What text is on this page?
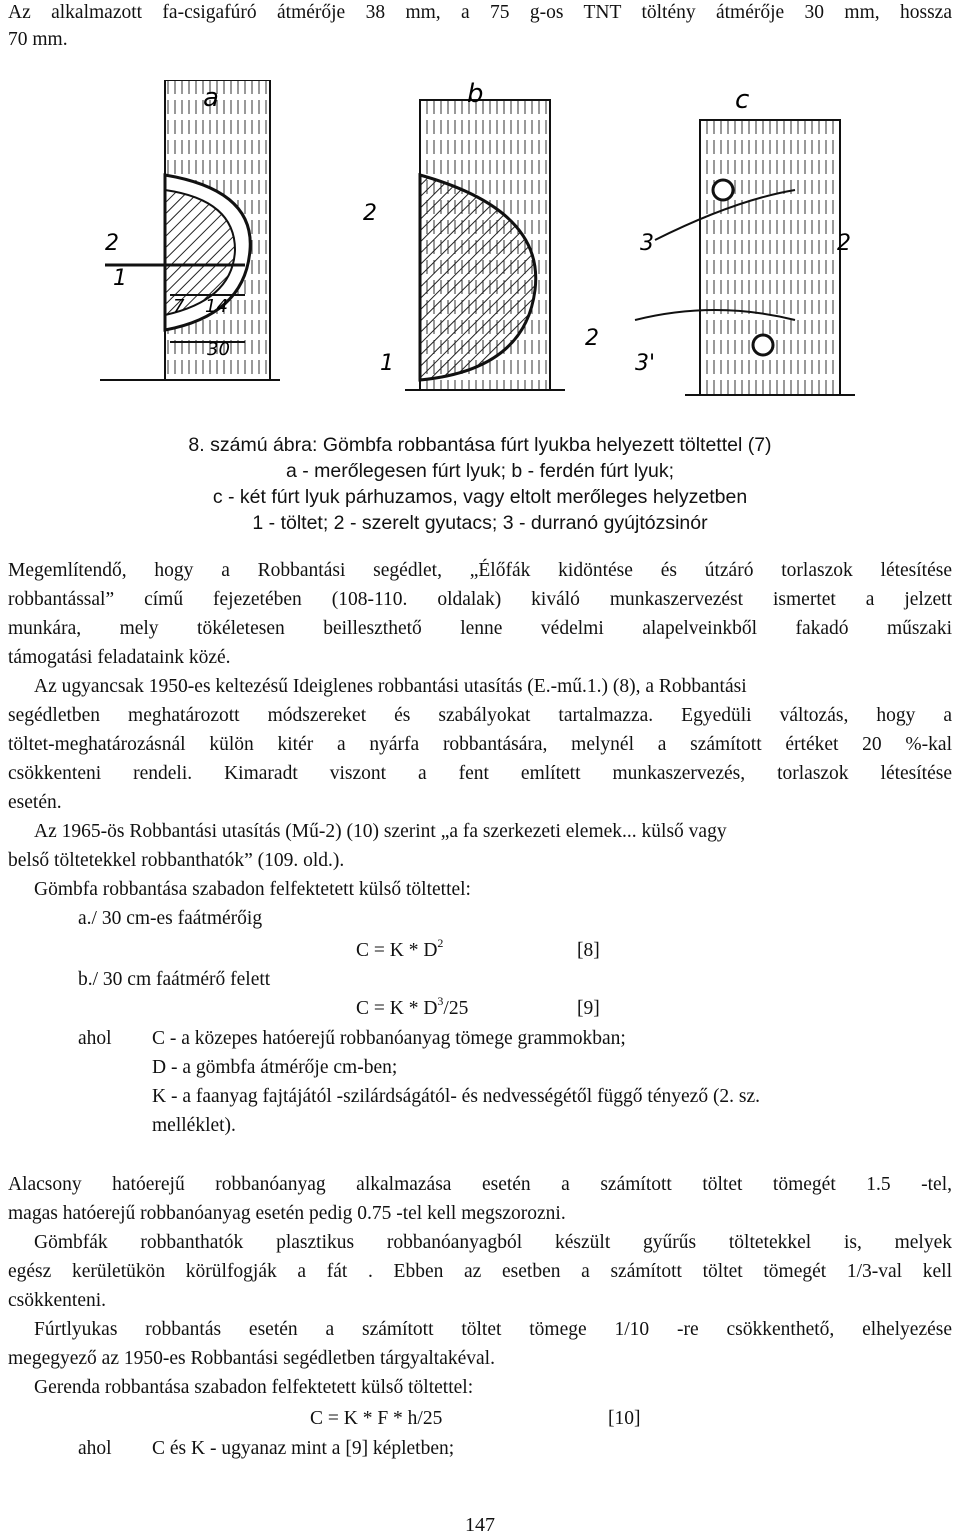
Az alkalmazott fa-csigafúró átmérője 38 mm, a 75 g-os TNT töltény átmérője 30 mm, hossza
70 mm.
a
2
1
7 14
30
b
2
1
c
3	2
2
3'
8. számú ábra: Gömbfa robbantása fúrt lyukba helyezett töltettel (7)
a - merőlegesen fúrt lyuk; b - ferdén fúrt lyuk;
c - két fúrt lyuk párhuzamos, vagy eltolt merőleges helyzetben
1 - töltet; 2 - szerelt gyutacs; 3 - durranó gyújtózsinór
Megemlítendő, hogy a Robbantási segédlet, „Élőfák kidöntése és útzáró torlaszok létesítése
robbantással” című fejezetében (108-110. oldalak) kiváló munkaszervezést ismertet a jelzett
munkára, mely tökéletesen beilleszthető lenne védelmi alapelveinkből fakadó műszaki
támogatási feladataink közé.
Az ugyancsak 1950-es keltezésű Ideiglenes robbantási utasítás (E.-mű.1.) (8), a Robbantási
segédletben meghatározott módszereket és szabályokat tartalmazza. Egyedüli változás, hogy a
töltet-meghatározásnál külön kitér a nyárfa robbantására, melynél a számított értéket 20 %-kal
csökkenteni rendeli. Kimaradt viszont a fent említett munkaszervezés, torlaszok létesítése
esetén.
Az 1965-ös Robbantási utasítás (Mű-2) (10) szerint „a fa szerkezeti elemek... külső vagy
belső töltetekkel robbanthatók” (109. old.).
Gömbfa robbantása szabadon felfektetett külső töltettel:
a./ 30 cm-es faátmérőig
$C = K * D^2$	[8]
b./ 30 cm faátmérő felett
$C = K * D^3/25$	[9]
ahol C - a közepes hatóerejű robbanóanyag tömege grammokban;
D - a gömbfa átmérője cm-ben;
K - a faanyag fajtájától -szilárdságától- és nedvességétől függő tényező (2. sz.
melléklet).
Alacsony hatóerejű robbanóanyag alkalmazása esetén a számított töltet tömegét 1.5 -tel,
magas hatóerejű robbanóanyag esetén pedig 0.75 -tel kell megszorozni.
Gömbfák robbanthatók plasztikus robbanóanyagból készült gyűrűs töltetekkel is, melyek
egész kerületükön körülfogják a fát . Ebben az esetben a számított töltet tömegét 1/3-val kell
csökkenteni.
Fúrtlyukas robbantás esetén a számított töltet tömege 1/10 -re csökkenthető, elhelyezése
megegyező az 1950-es Robbantási segédletben tárgyaltakéval.
Gerenda robbantása szabadon felfektetett külső töltettel:
C = K * F * h/25	[10]
ahol C és K - ugyanaz mint a [9] képletben;
147
